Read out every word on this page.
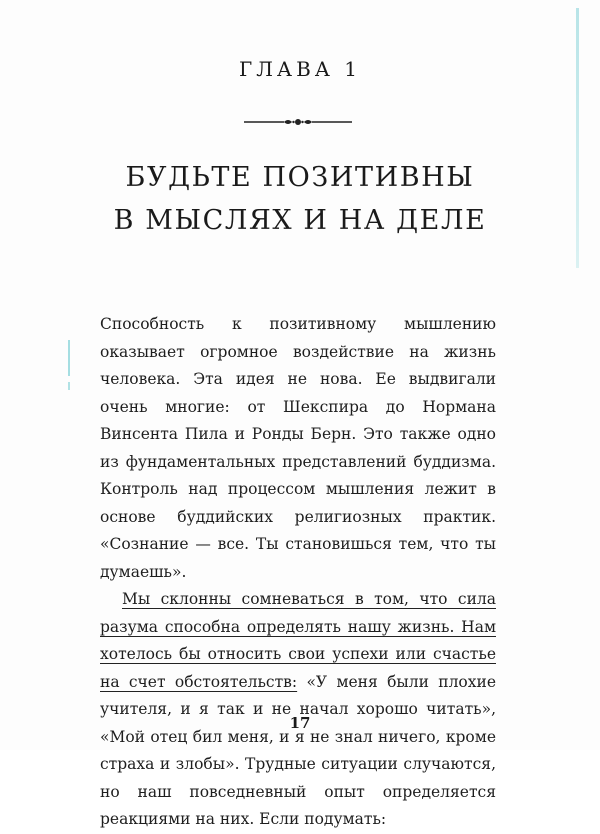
ГЛАВА 1
БУДЬТЕ ПОЗИТИВНЫ
В МЫСЛЯХ И НА ДЕЛЕ

Способность к позитивному мышлению оказывает огромное воздействие на жизнь человека. Эта идея не нова. Ее выдвигали очень многие: от Шекспира до Нормана Винсента Пила и Ронды Берн. Это также одно из фундаментальных представлений буддизма. Контроль над процессом мышления лежит в основе буддийских религиозных практик. «Сознание — все. Ты становишься тем, что ты думаешь».

Мы склонны сомневаться в том, что сила разума способна определять нашу жизнь. Нам хотелось бы относить свои успехи или счастье на счет обстоятельств: «У меня были плохие учителя, и я так и не начал хорошо читать», «Мой отец бил меня, и я не знал ничего, кроме страха и злобы». Трудные ситуации случаются, но наш повседневный опыт определяется реакциями на них. Если подумать:

17
